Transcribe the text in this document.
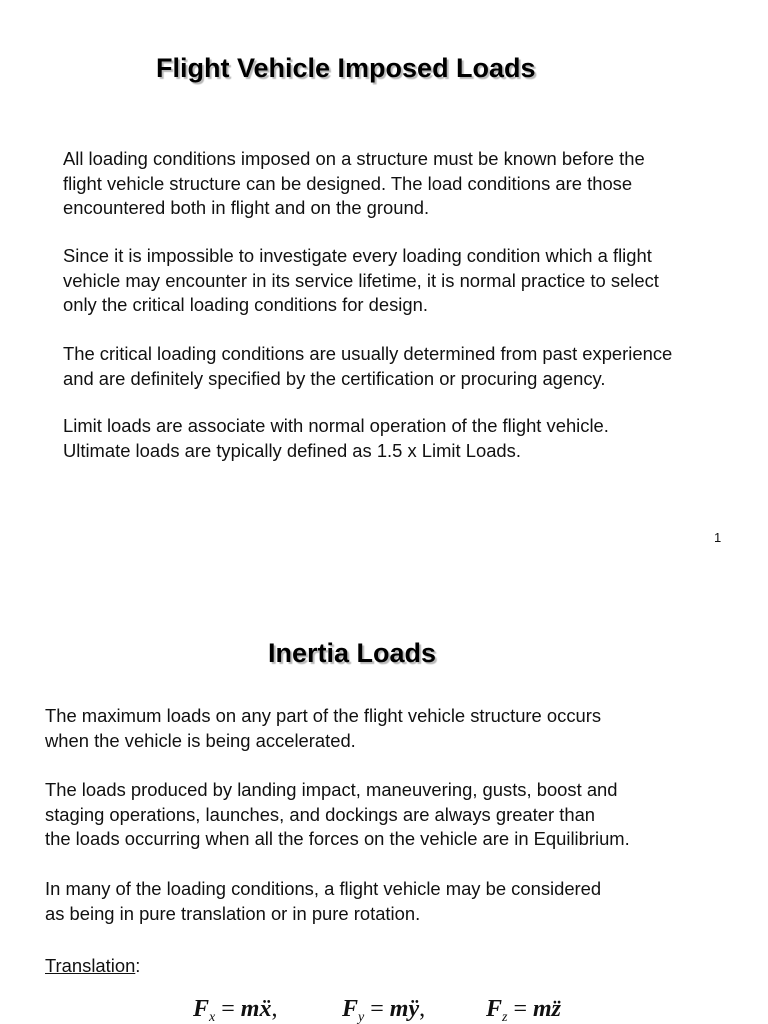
Flight Vehicle Imposed Loads

All loading conditions imposed on a structure must be known before the
flight vehicle structure can be designed. The load conditions are those
encountered both in flight and on the ground.

Since it is impossible to investigate every loading condition which a flight
vehicle may encounter in its service lifetime, it is normal practice to select
only the critical loading conditions for design.

The critical loading conditions are usually determined from past experience
and are definitely specified by the certification or procuring agency.

Limit loads are associate with normal operation of the flight vehicle.
Ultimate loads are typically defined as 1.5 x Limit Loads.

1
Inertia Loads

The maximum loads on any part of the flight vehicle structure occurs
when the vehicle is being accelerated.

The loads produced by landing impact, maneuvering, gusts, boost and
staging operations, launches, and dockings are always greater than
the loads occurring when all the forces on the vehicle are in Equilibrium.

In many of the loading conditions, a flight vehicle may be considered
as being in pure translation or in pure rotation.

Translation:
$F_x$ = mẍ,	$F_y$ = mÿ,	$F_z$ = mz̈
